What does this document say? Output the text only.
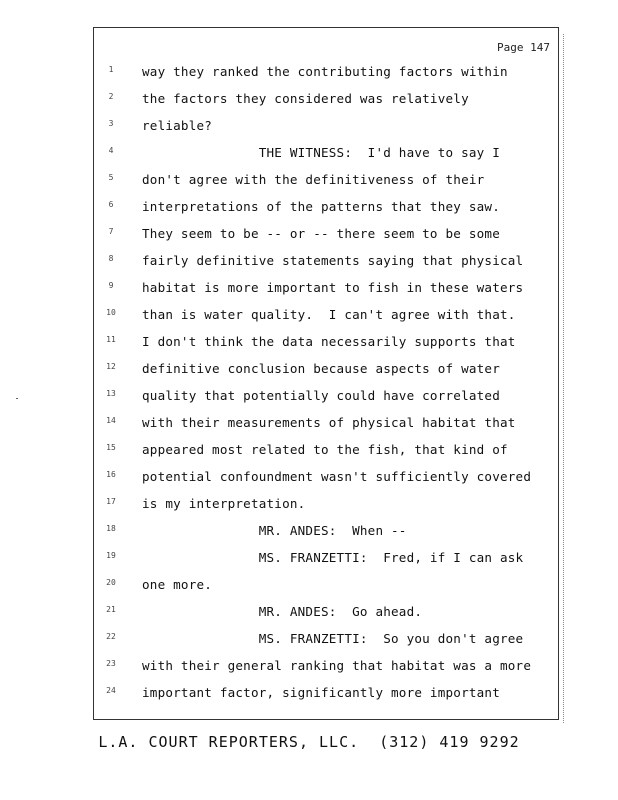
Page 147
1	way they ranked the contributing factors within
2	the factors they considered was relatively
3	reliable?
4	THE WITNESS:  I'd have to say I
5	don't agree with the definitiveness of their
6	interpretations of the patterns that they saw.
7	They seem to be -- or -- there seem to be some
8	fairly definitive statements saying that physical
9	habitat is more important to fish in these waters
10	than is water quality.  I can't agree with that.
11	I don't think the data necessarily supports that
12	definitive conclusion because aspects of water
13	quality that potentially could have correlated
14	with their measurements of physical habitat that
15	appeared most related to the fish, that kind of
16	potential confoundment wasn't sufficiently covered
17	is my interpretation.
18	MR. ANDES:  When --
19	MS. FRANZETTI:  Fred, if I can ask
20	one more.
21	MR. ANDES:  Go ahead.
22	MS. FRANZETTI:  So you don't agree
23	with their general ranking that habitat was a more
24	important factor, significantly more important
L.A. COURT REPORTERS, LLC.  (312) 419 9292
